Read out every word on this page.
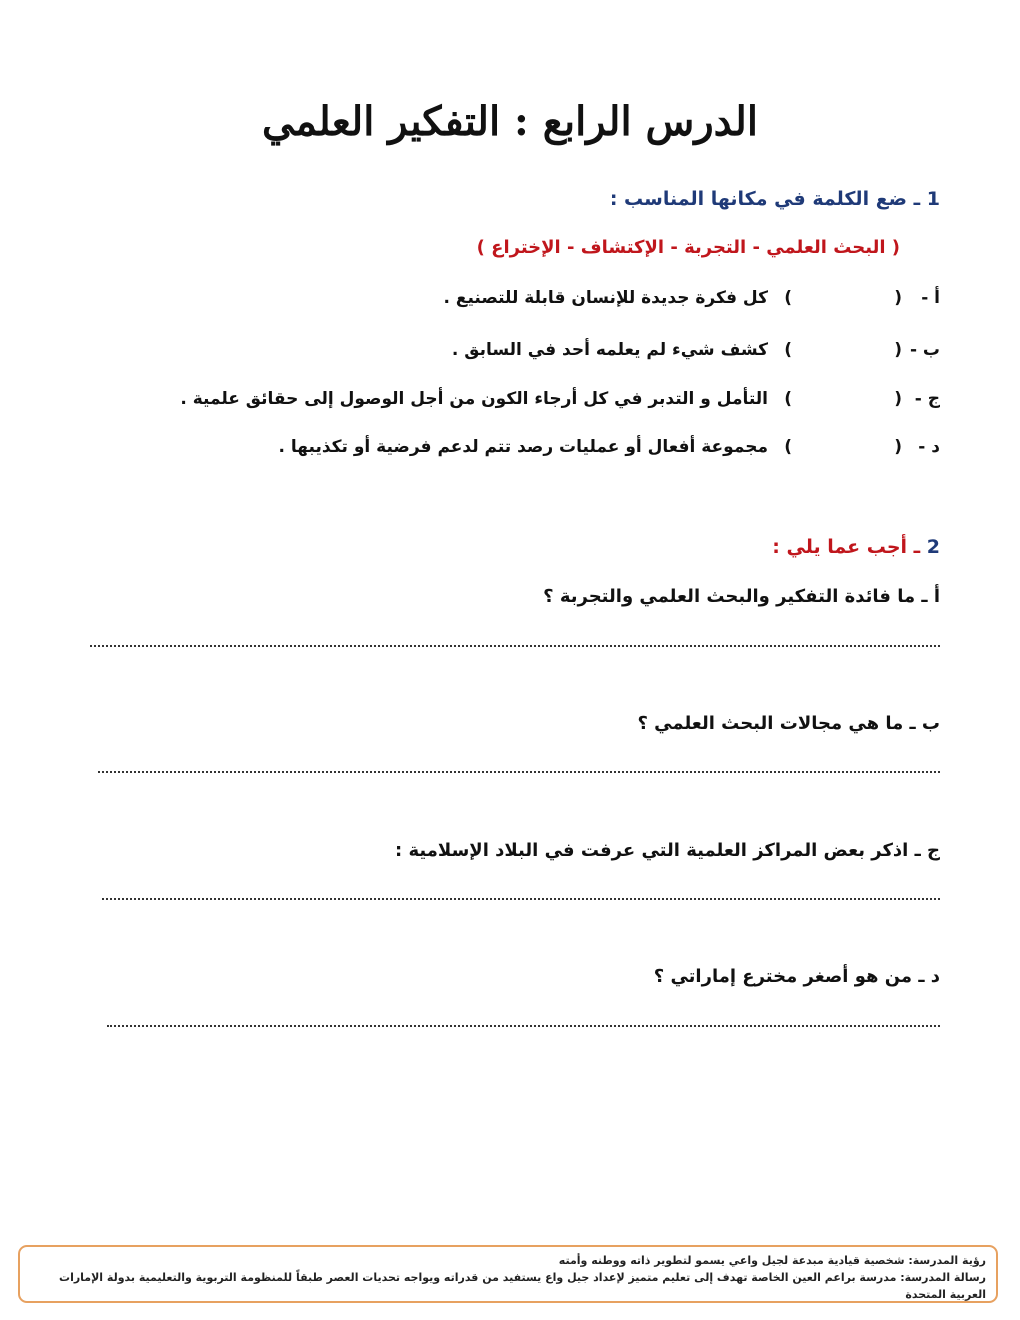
الدرس الرابع : التفكير العلمي
1 ـ ضع الكلمة في مكانها المناسب :
( البحث العلمي - التجربة - الإكتشاف - الإختراع )
أ -
(
)
كل فكرة جديدة للإنسان قابلة للتصنيع .
ب -
(
)
كشف شيء لم يعلمه أحد في السابق .
ج -
(
)
التأمل و التدبر في كل أرجاء الكون من أجل الوصول إلى حقائق علمية .
د -
(
)
مجموعة أفعال أو عمليات رصد تتم لدعم فرضية أو تكذيبها .
2 ـ أجب عما يلي :
أ ـ ما فائدة التفكير والبحث العلمي والتجربة ؟
ب ـ ما هي مجالات البحث العلمي ؟
ج ـ اذكر بعض المراكز العلمية التي عرفت في البلاد الإسلامية :
د ـ من هو أصغر مخترع إماراتي ؟
رؤية المدرسة: شخصية قيادية مبدعة لجيل واعي يسمو لتطوير ذاته ووطنه وأمته
رسالة المدرسة: مدرسة براعم العين الخاصة تهدف إلى تعليم متميز لإعداد جيل واع يستفيد من قدراته ويواجه تحديات العصر طبقاً للمنظومة التربوية والتعليمية بدولة الإمارات العربية المتحدة
